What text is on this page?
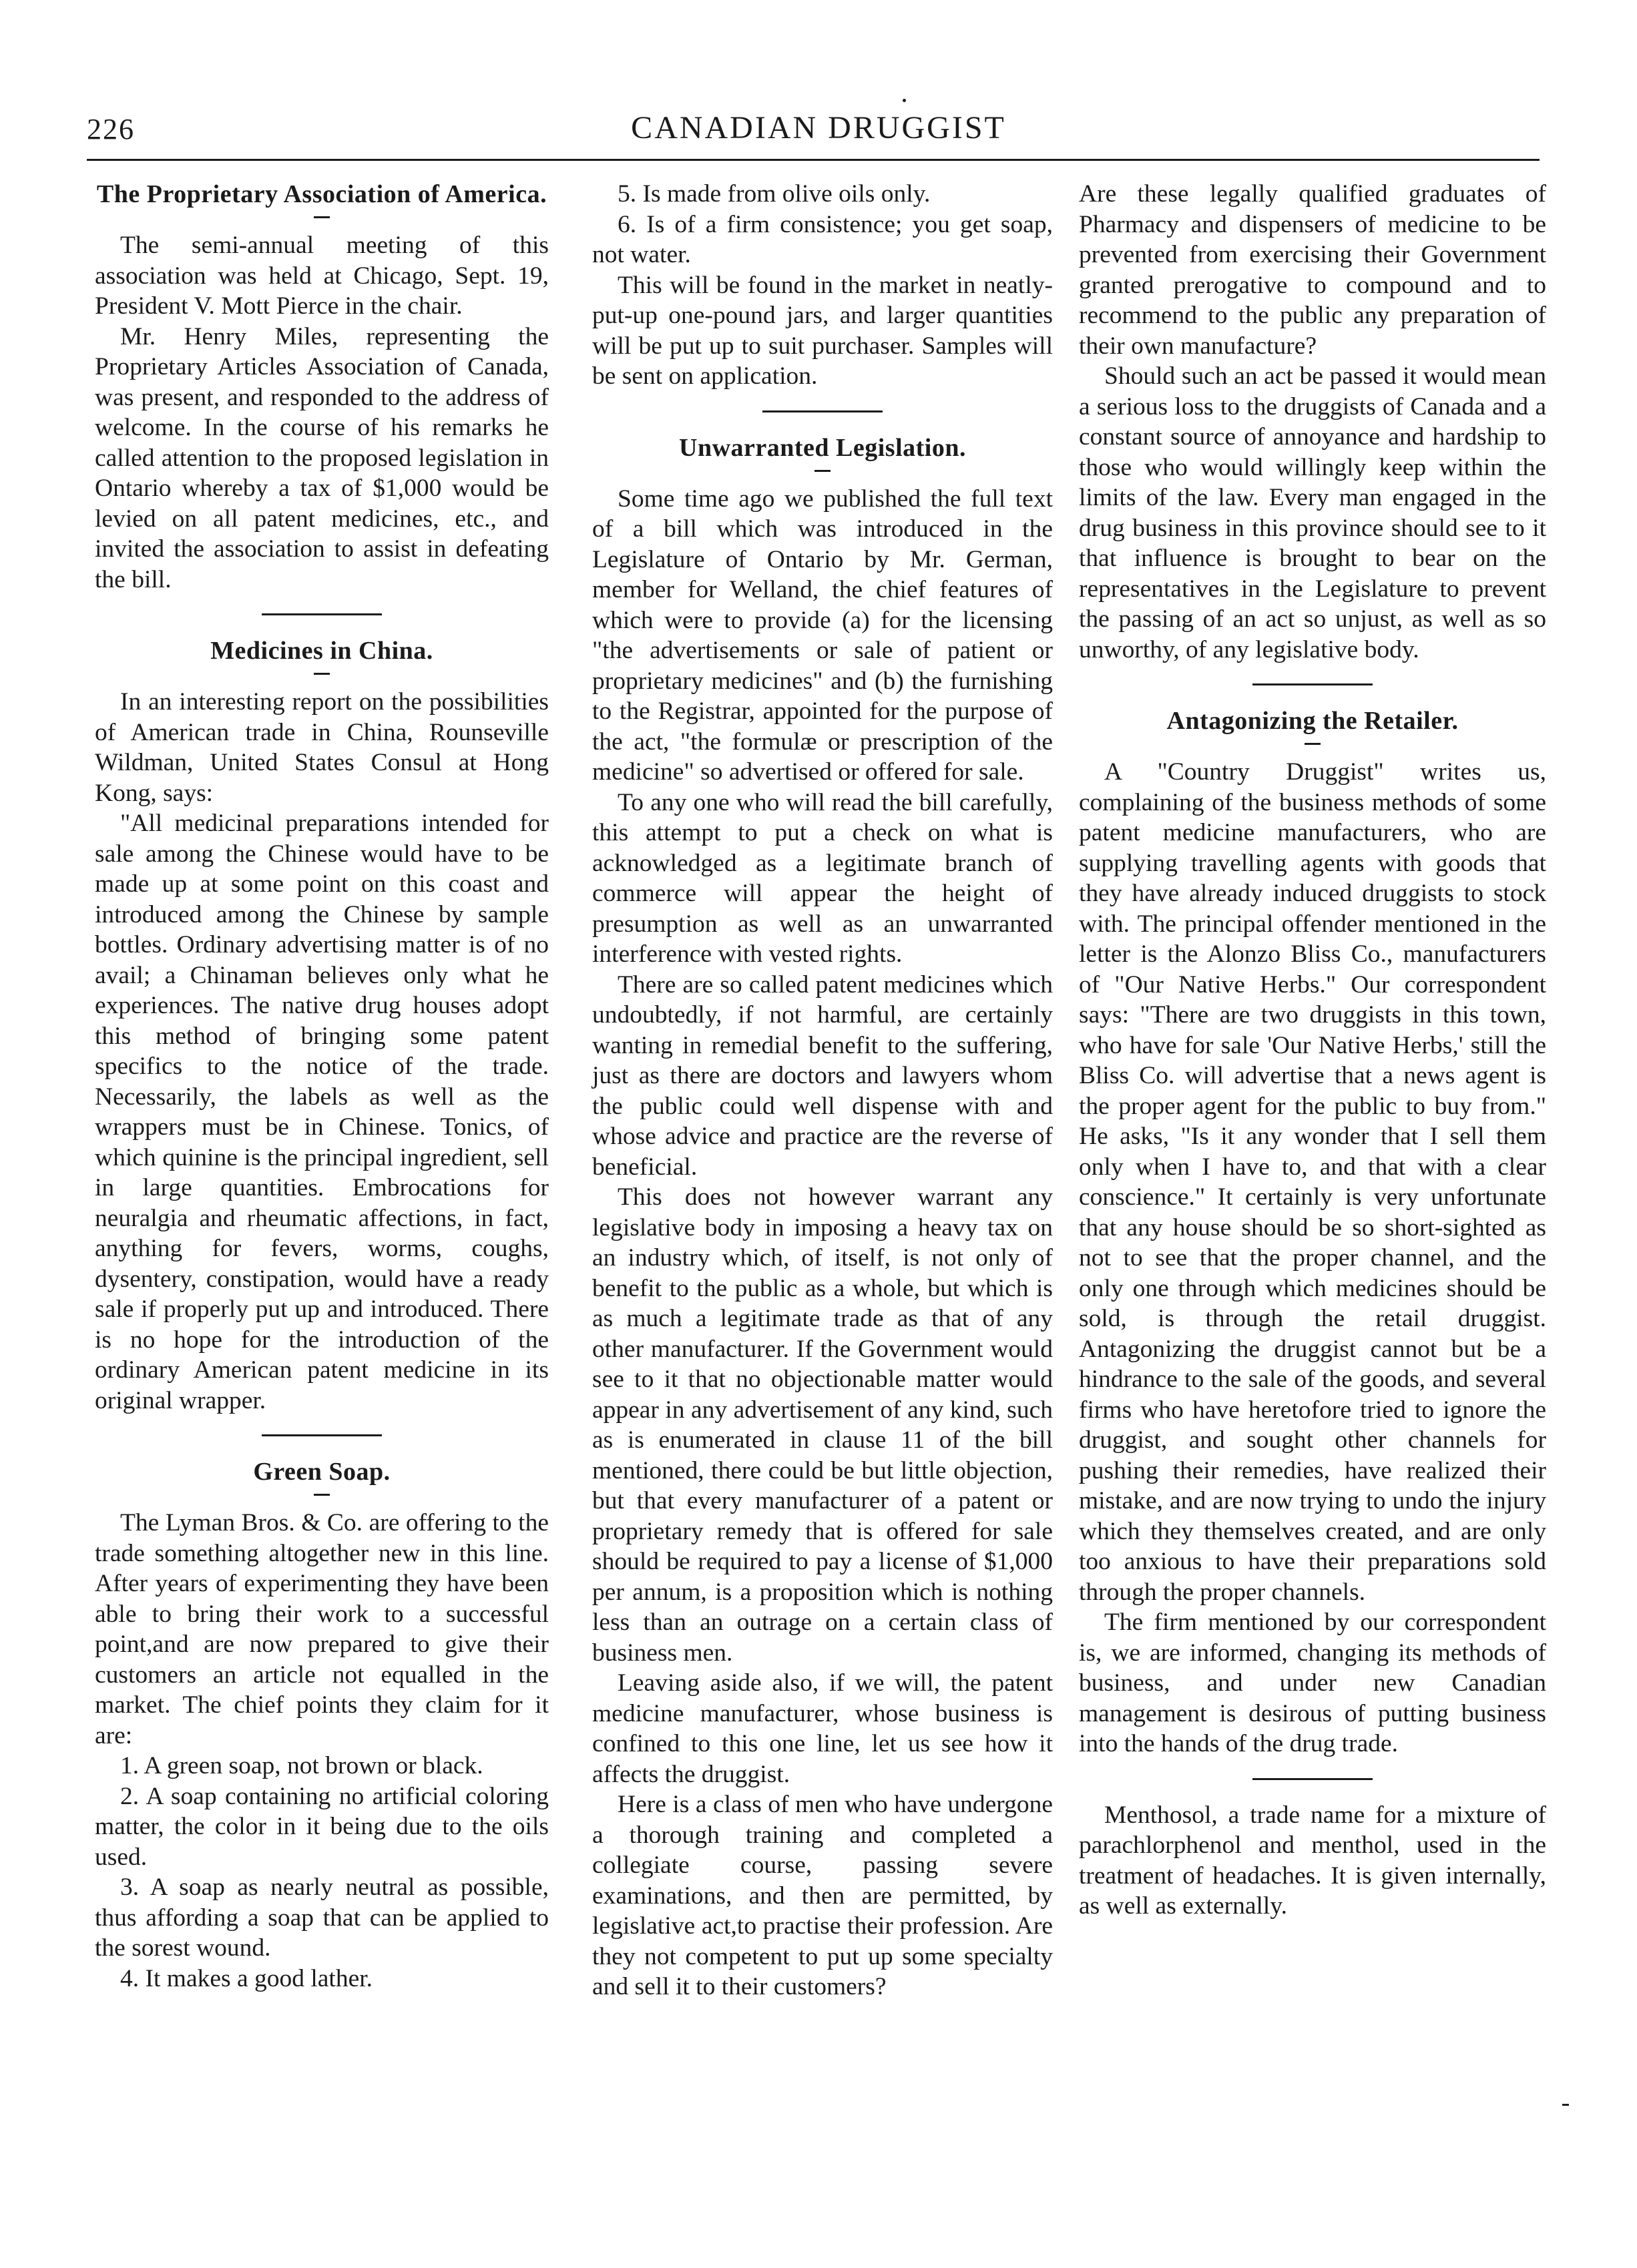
226	CANADIAN DRUGGIST
The Proprietary Association of America.

The semi-annual meeting of this association was held at Chicago, Sept. 19, President V. Mott Pierce in the chair.

Mr. Henry Miles, representing the Proprietary Articles Association of Canada, was present, and responded to the address of welcome. In the course of his remarks he called attention to the proposed legislation in Ontario whereby a tax of $1,000 would be levied on all patent medicines, etc., and invited the association to assist in defeating the bill.

Medicines in China.

In an interesting report on the possibilities of American trade in China, Rounseville Wildman, United States Consul at Hong Kong, says:

"All medicinal preparations intended for sale among the Chinese would have to be made up at some point on this coast and introduced among the Chinese by sample bottles. Ordinary advertising matter is of no avail; a Chinaman believes only what he experiences. The native drug houses adopt this method of bringing some patent specifics to the notice of the trade. Necessarily, the labels as well as the wrappers must be in Chinese. Tonics, of which quinine is the principal ingredient, sell in large quantities. Embrocations for neuralgia and rheumatic affections, in fact, anything for fevers, worms, coughs, dysentery, constipation, would have a ready sale if properly put up and introduced. There is no hope for the introduction of the ordinary American patent medicine in its original wrapper.

Green Soap.

The Lyman Bros. & Co. are offering to the trade something altogether new in this line. After years of experimenting they have been able to bring their work to a successful point,and are now prepared to give their customers an article not equalled in the market. The chief points they claim for it are:

1. A green soap, not brown or black.

2. A soap containing no artificial coloring matter, the color in it being due to the oils used.

3. A soap as nearly neutral as possible, thus affording a soap that can be applied to the sorest wound.

4. It makes a good lather.

5. Is made from olive oils only.

6. Is of a firm consistence; you get soap, not water.

This will be found in the market in neatly-put-up one-pound jars, and larger quantities will be put up to suit purchaser. Samples will be sent on application.

Unwarranted Legislation.

Some time ago we published the full text of a bill which was introduced in the Legislature of Ontario by Mr. German, member for Welland, the chief features of which were to provide (a) for the licensing "the advertisements or sale of patient or proprietary medicines" and (b) the furnishing to the Registrar, appointed for the purpose of the act, "the formulæ or prescription of the medicine" so advertised or offered for sale.

To any one who will read the bill carefully, this attempt to put a check on what is acknowledged as a legitimate branch of commerce will appear the height of presumption as well as an unwarranted interference with vested rights.

There are so called patent medicines which undoubtedly, if not harmful, are certainly wanting in remedial benefit to the suffering, just as there are doctors and lawyers whom the public could well dispense with and whose advice and practice are the reverse of beneficial.

This does not however warrant any legislative body in imposing a heavy tax on an industry which, of itself, is not only of benefit to the public as a whole, but which is as much a legitimate trade as that of any other manufacturer. If the Government would see to it that no objectionable matter would appear in any advertisement of any kind, such as is enumerated in clause 11 of the bill mentioned, there could be but little objection, but that every manufacturer of a patent or proprietary remedy that is offered for sale should be required to pay a license of $1,000 per annum, is a proposition which is nothing less than an outrage on a certain class of business men.

Leaving aside also, if we will, the patent medicine manufacturer, whose business is confined to this one line, let us see how it affects the druggist.

Here is a class of men who have undergone a thorough training and completed a collegiate course, passing severe examinations, and then are permitted, by legislative act,to practise their profession. Are they not competent to put up some specialty and sell it to their customers?

Are these legally qualified graduates of Pharmacy and dispensers of medicine to be prevented from exercising their Government granted prerogative to compound and to recommend to the public any preparation of their own manufacture?

Should such an act be passed it would mean a serious loss to the druggists of Canada and a constant source of annoyance and hardship to those who would willingly keep within the limits of the law. Every man engaged in the drug business in this province should see to it that influence is brought to bear on the representatives in the Legislature to prevent the passing of an act so unjust, as well as so unworthy, of any legislative body.

Antagonizing the Retailer.

A "Country Druggist" writes us, complaining of the business methods of some patent medicine manufacturers, who are supplying travelling agents with goods that they have already induced druggists to stock with. The principal offender mentioned in the letter is the Alonzo Bliss Co., manufacturers of "Our Native Herbs." Our correspondent says: "There are two druggists in this town, who have for sale 'Our Native Herbs,' still the Bliss Co. will advertise that a news agent is the proper agent for the public to buy from." He asks, "Is it any wonder that I sell them only when I have to, and that with a clear conscience." It certainly is very unfortunate that any house should be so short-sighted as not to see that the proper channel, and the only one through which medicines should be sold, is through the retail druggist. Antagonizing the druggist cannot but be a hindrance to the sale of the goods, and several firms who have heretofore tried to ignore the druggist, and sought other channels for pushing their remedies, have realized their mistake, and are now trying to undo the injury which they themselves created, and are only too anxious to have their preparations sold through the proper channels.

The firm mentioned by our correspondent is, we are informed, changing its methods of business, and under new Canadian management is desirous of putting business into the hands of the drug trade.

Menthosol, a trade name for a mixture of parachlorphenol and menthol, used in the treatment of headaches. It is given internally, as well as externally.
